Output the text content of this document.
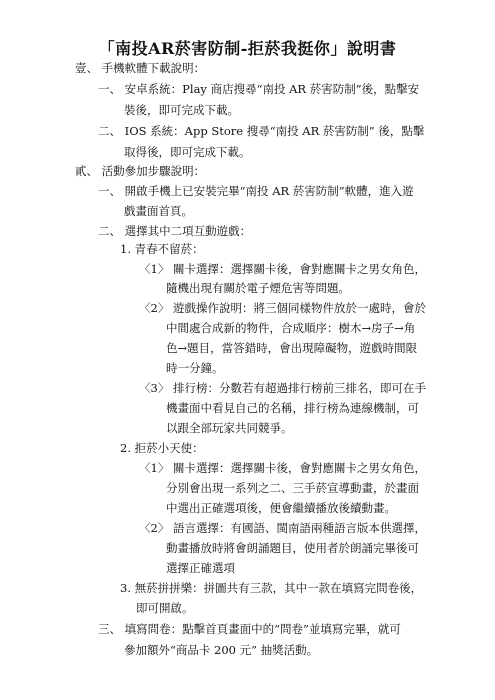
「南投AR菸害防制-拒菸我挺你」說明書
壹、 手機軟體下載說明：
一、 安卓系統：Play 商店搜尋“南投 AR 菸害防制”後，點擊安
裝後，即可完成下載。
二、 IOS 系統：App Store 搜尋“南投 AR 菸害防制” 後，點擊
取得後，即可完成下載。
貳、 活動參加步驟說明：
一、 開啟手機上已安裝完畢“南投 AR 菸害防制”軟體，進入遊
戲畫面首頁。
二、 選擇其中二項互動遊戲：
1. 青春不留菸：
〈1〉 關卡選擇：選擇關卡後，會對應關卡之男女角色，
隨機出現有關於電子煙危害等問題。
〈2〉 遊戲操作說明：將三個同樣物件放於一處時，會於
中間處合成新的物件，合成順序：樹木→房子→角
色→題目，當答錯時，會出現障礙物，遊戲時間限
時一分鐘。
〈3〉 排行榜：分數若有超過排行榜前三排名，即可在手
機畫面中看見自己的名稱，排行榜為連線機制，可
以跟全部玩家共同競爭。
2. 拒菸小天使：
〈1〉 關卡選擇：選擇關卡後，會對應關卡之男女角色，
分別會出現一系列之二、三手菸宣導動畫，於畫面
中選出正確選項後，便會繼續播放後續動畫。
〈2〉 語言選擇：有國語、閩南語兩種語言版本供選擇，
動畫播放時將會朗誦題目，使用者於朗誦完畢後可
選擇正確選項
3. 無菸拼拼樂：拼圖共有三款，其中一款在填寫完問卷後，
即可開啟。
三、 填寫問卷：點擊首頁畫面中的“問卷”並填寫完畢，就可
參加額外“商品卡 200 元” 抽獎活動。
